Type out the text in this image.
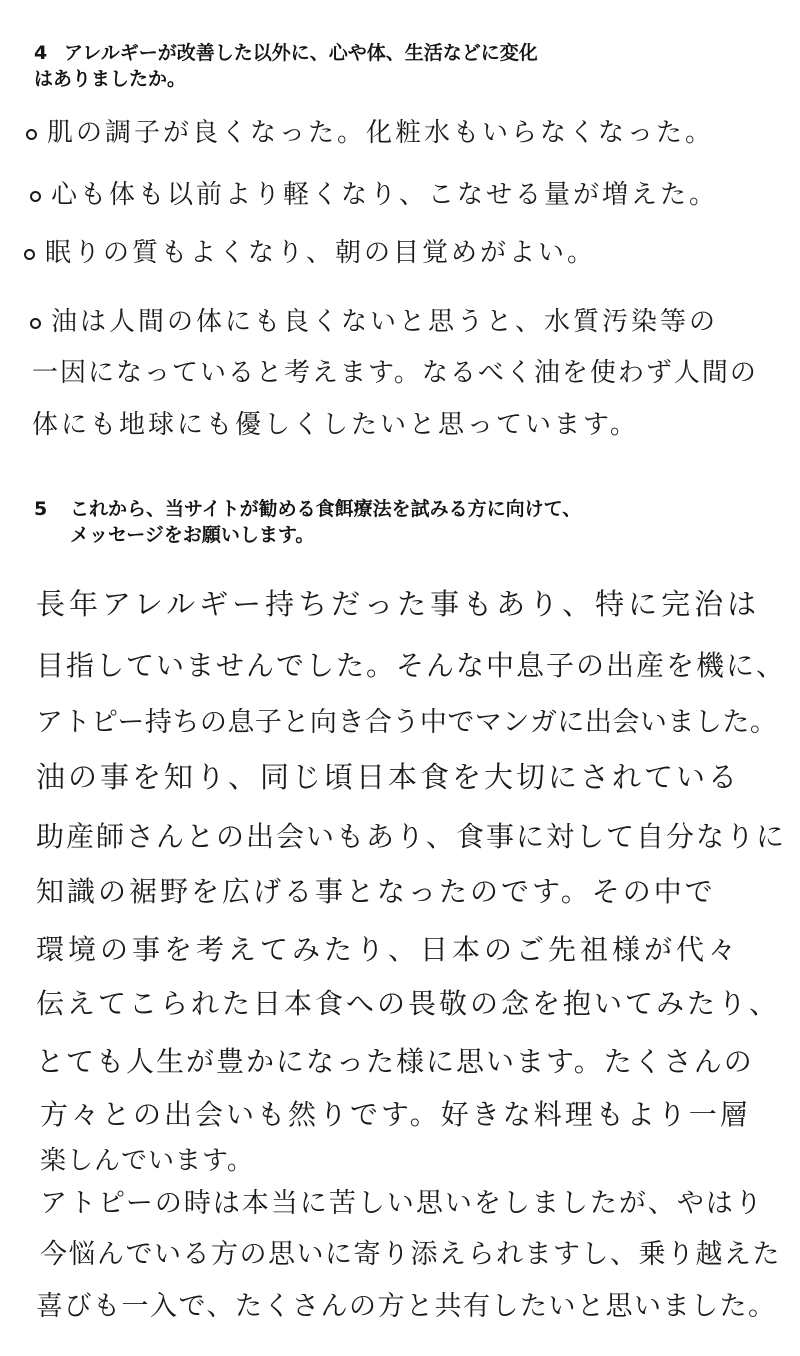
4 アレルギーが改善した以外に、心や体、生活などに変化
はありましたか。
肌の調子が良くなった。化粧水もいらなくなった。
心も体も以前より軽くなり、こなせる量が増えた。
眠りの質もよくなり、朝の目覚めがよい。
油は人間の体にも良くないと思うと、水質汚染等の
一因になっていると考えます。なるべく油を使わず人間の
体にも地球にも優しくしたいと思っています。
5 これから、当サイトが勧める食餌療法を試みる方に向けて、
メッセージをお願いします。
長年アレルギー持ちだった事もあり、特に完治は
目指していませんでした。そんな中息子の出産を機に、
アトピー持ちの息子と向き合う中でマンガに出会いました。
油の事を知り、同じ頃日本食を大切にされている
助産師さんとの出会いもあり、食事に対して自分なりに
知識の裾野を広げる事となったのです。その中で
環境の事を考えてみたり、日本のご先祖様が代々
伝えてこられた日本食への畏敬の念を抱いてみたり、
とても人生が豊かになった様に思います。たくさんの
方々との出会いも然りです。好きな料理もより一層
楽しんでいます。
アトピーの時は本当に苦しい思いをしましたが、やはり
今悩んでいる方の思いに寄り添えられますし、乗り越えた
喜びも一入で、たくさんの方と共有したいと思いました。
